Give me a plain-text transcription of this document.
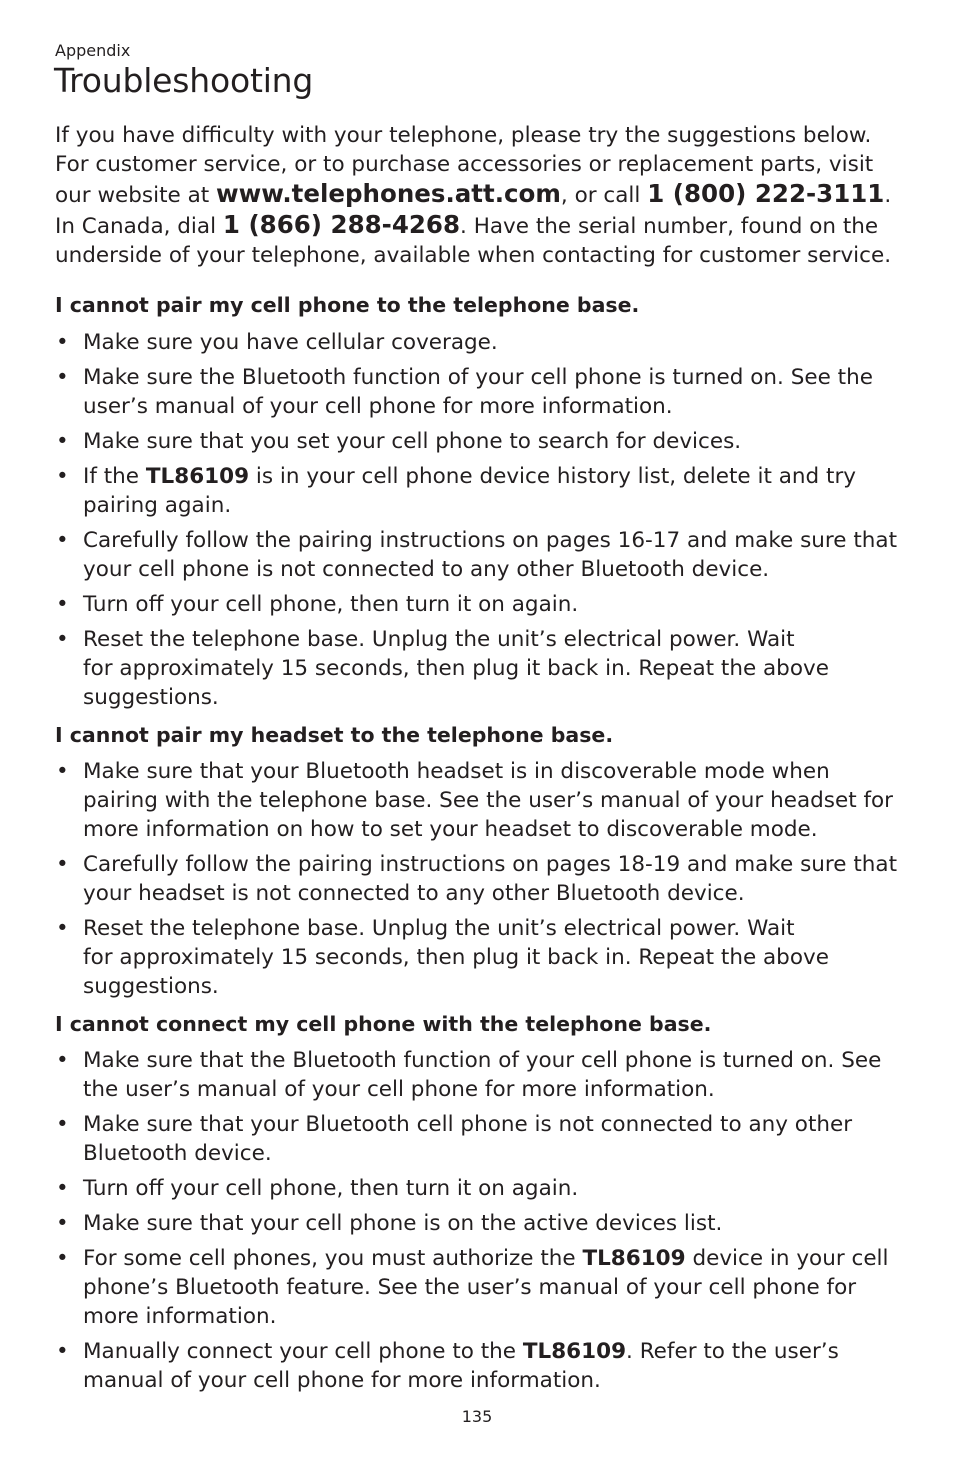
Appendix

Troubleshooting

If you have difficulty with your telephone, please try the suggestions below.
For customer service, or to purchase accessories or replacement parts, visit
our website at www.telephones.att.com, or call 1 (800) 222-3111.
In Canada, dial 1 (866) 288-4268. Have the serial number, found on the
underside of your telephone, available when contacting for customer service.

I cannot pair my cell phone to the telephone base.
• Make sure you have cellular coverage.
• Make sure the Bluetooth function of your cell phone is turned on. See the user’s manual of your cell phone for more information.
• Make sure that you set your cell phone to search for devices.
• If the TL86109 is in your cell phone device history list, delete it and try pairing again.
• Carefully follow the pairing instructions on pages 16-17 and make sure that your cell phone is not connected to any other Bluetooth device.
• Turn off your cell phone, then turn it on again.
• Reset the telephone base. Unplug the unit’s electrical power. Wait
for approximately 15 seconds, then plug it back in. Repeat the above suggestions.
I cannot pair my headset to the telephone base.
• Make sure that your Bluetooth headset is in discoverable mode when pairing with the telephone base. See the user’s manual of your headset for more information on how to set your headset to discoverable mode.
• Carefully follow the pairing instructions on pages 18-19 and make sure that your headset is not connected to any other Bluetooth device.
• Reset the telephone base. Unplug the unit’s electrical power. Wait
for approximately 15 seconds, then plug it back in. Repeat the above suggestions.
I cannot connect my cell phone with the telephone base.
• Make sure that the Bluetooth function of your cell phone is turned on. See the user’s manual of your cell phone for more information.
• Make sure that your Bluetooth cell phone is not connected to any other Bluetooth device.
• Turn off your cell phone, then turn it on again.
• Make sure that your cell phone is on the active devices list.
• For some cell phones, you must authorize the TL86109 device in your cell phone’s Bluetooth feature. See the user’s manual of your cell phone for more information.
• Manually connect your cell phone to the TL86109. Refer to the user’s manual of your cell phone for more information.
135
